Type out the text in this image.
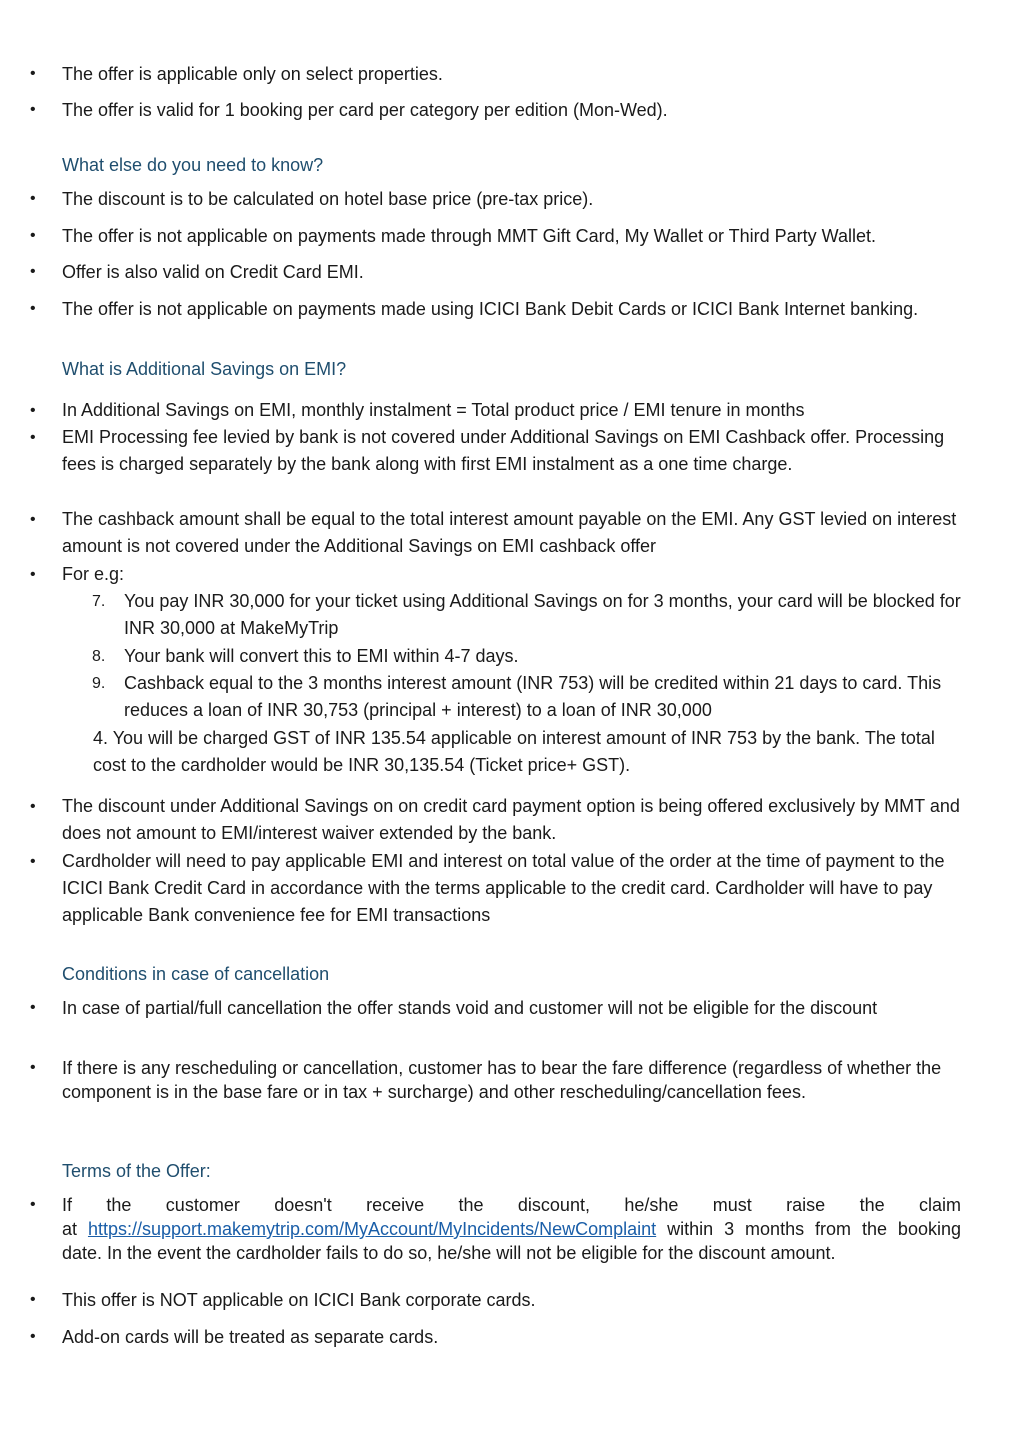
• The offer is applicable only on select properties.
• The offer is valid for 1 booking per card per category per edition (Mon-Wed).
What else do you need to know?
• The discount is to be calculated on hotel base price (pre-tax price).
• The offer is not applicable on payments made through MMT Gift Card, My Wallet or Third Party Wallet.
• Offer is also valid on Credit Card EMI.
• The offer is not applicable on payments made using ICICI Bank Debit Cards or ICICI Bank Internet banking.
What is Additional Savings on EMI?
• In Additional Savings on EMI, monthly instalment = Total product price / EMI tenure in months
• EMI Processing fee levied by bank is not covered under Additional Savings on EMI Cashback offer. Processing fees is charged separately by the bank along with first EMI instalment as a one time charge.
• The cashback amount shall be equal to the total interest amount payable on the EMI. Any GST levied on interest amount is not covered under the Additional Savings on EMI cashback offer
• For e.g:
7.	You pay INR 30,000 for your ticket using Additional Savings on for 3 months, your card will be blocked for INR 30,000 at MakeMyTrip
8.	Your bank will convert this to EMI within 4-7 days.
9.	Cashback equal to the 3 months interest amount (INR 753) will be credited within 21 days to card. This reduces a loan of INR 30,753 (principal + interest) to a loan of INR 30,000
4. You will be charged GST of INR 135.54 applicable on interest amount of INR 753 by the bank. The total cost to the cardholder would be INR 30,135.54 (Ticket price+ GST).
• The discount under Additional Savings on on credit card payment option is being offered exclusively by MMT and does not amount to EMI/interest waiver extended by the bank.
• Cardholder will need to pay applicable EMI and interest on total value of the order at the time of payment to the ICICI Bank Credit Card in accordance with the terms applicable to the credit card. Cardholder will have to pay applicable Bank convenience fee for EMI transactions
Conditions in case of cancellation
• In case of partial/full cancellation the offer stands void and customer will not be eligible for the discount
• If there is any rescheduling or cancellation, customer has to bear the fare difference (regardless of whether the component is in the base fare or in tax + surcharge) and other rescheduling/cancellation fees.
Terms of the Offer:
• If the customer doesn't receive the discount, he/she must raise the claim
at https://support.makemytrip.com/MyAccount/MyIncidents/NewComplaint within 3 months from the booking date. In the event the cardholder fails to do so, he/she will not be eligible for the discount amount.
• This offer is NOT applicable on ICICI Bank corporate cards.
• Add-on cards will be treated as separate cards.
